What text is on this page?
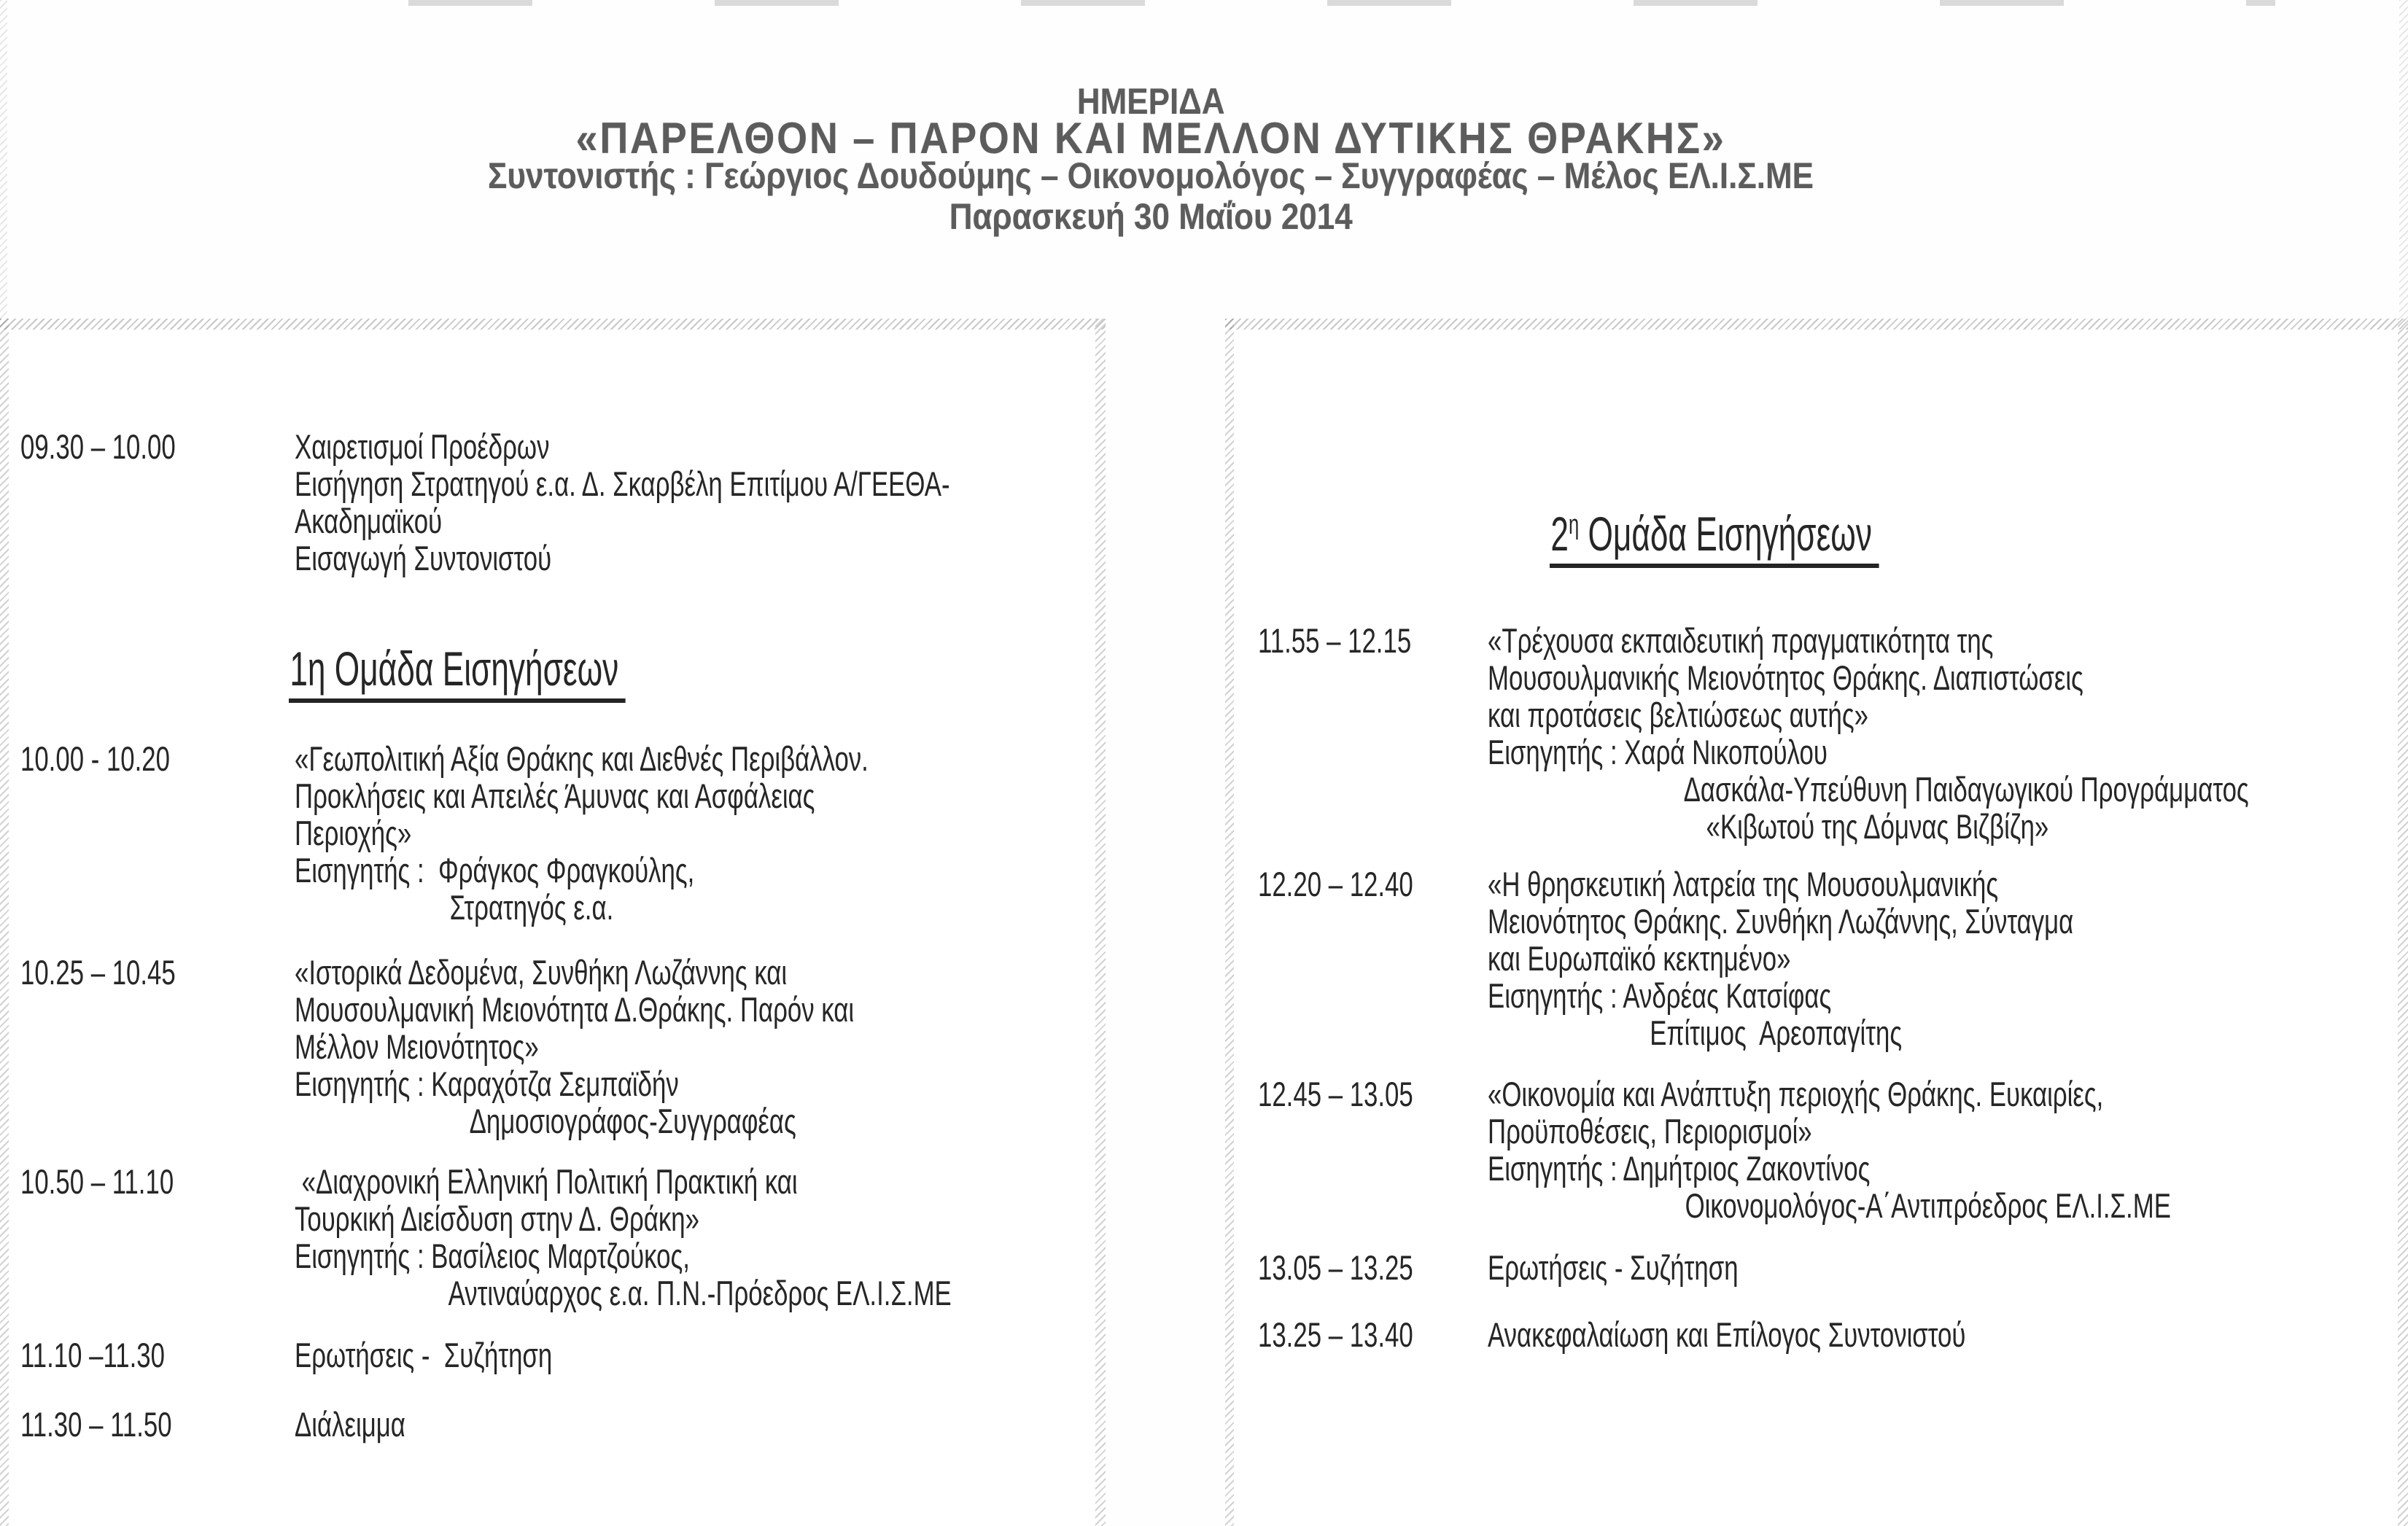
ΗΜΕΡΙΔΑ
«ΠΑΡΕΛΘΟΝ – ΠΑΡΟΝ ΚΑΙ ΜΕΛΛΟΝ ΔΥΤΙΚΗΣ ΘΡΑΚΗΣ»
Συντονιστής : Γεώργιος Δουδούμης – Οικονομολόγος – Συγγραφέας – Μέλος ΕΛ.Ι.Σ.ΜΕ
Παρασκευή 30 Μαΐου 2014
09.30 – 10.00	Χαιρετισμοί Προέδρων
Εισήγηση Στρατηγού ε.α. Δ. Σκαρβέλη Επιτίμου Α/ΓΕΕΘΑ-
Ακαδημαϊκού
Εισαγωγή Συντονιστού
1η Ομάδα Εισηγήσεων
10.00 - 10.20	«Γεωπολιτική Αξία Θράκης και Διεθνές Περιβάλλον.
Προκλήσεις και Απειλές Άμυνας και Ασφάλειας
Περιοχής»
Εισηγητής :  Φράγκος Φραγκούλης,
Στρατηγός ε.α.
10.25 – 10.45	«Ιστορικά Δεδομένα, Συνθήκη Λωζάννης και
Μουσουλμανική Μειονότητα Δ.Θράκης. Παρόν και
Μέλλον Μειονότητος»
Εισηγητής : Καραχότζα Σεμπαϊδήν
Δημοσιογράφος-Συγγραφέας
10.50 – 11.10	«Διαχρονική Ελληνική Πολιτική Πρακτική και
Τουρκική Διείσδυση στην Δ. Θράκη»
Εισηγητής : Βασίλειος Μαρτζούκος,
Αντιναύαρχος ε.α. Π.Ν.-Πρόεδρος ΕΛ.Ι.Σ.ΜΕ
11.10 –11.30	Ερωτήσεις -  Συζήτηση
11.30 – 11.50	Διάλειμμα
$2^\eta$ Ομάδα Εισηγήσεων
11.55 – 12.15 «Τρέχουσα εκπαιδευτική πραγματικότητα της
Μουσουλμανικής Μειονότητος Θράκης. Διαπιστώσεις
και προτάσεις βελτιώσεως αυτής»
Εισηγητής : Χαρά Νικοπούλου
Δασκάλα-Υπεύθυνη Παιδαγωγικού Προγράμματος
«Κιβωτού της Δόμνας Βιζβίζη»
12.20 – 12.40 «Η θρησκευτική λατρεία της Μουσουλμανικής
Μειονότητος Θράκης. Συνθήκη Λωζάννης, Σύνταγμα
και Ευρωπαϊκό κεκτημένο»
Εισηγητής : Ανδρέας Κατσίφας
Επίτιμος  Αρεοπαγίτης
12.45 – 13.05 «Οικονομία και Ανάπτυξη περιοχής Θράκης. Ευκαιρίες,
Προϋποθέσεις, Περιορισμοί»
Εισηγητής : Δημήτριος Ζακοντίνος
Οικονομολόγος-Α΄Αντιπρόεδρος ΕΛ.Ι.Σ.ΜΕ
13.05 – 13.25 Ερωτήσεις - Συζήτηση
13.25 – 13.40 Ανακεφαλαίωση και Επίλογος Συντονιστού
